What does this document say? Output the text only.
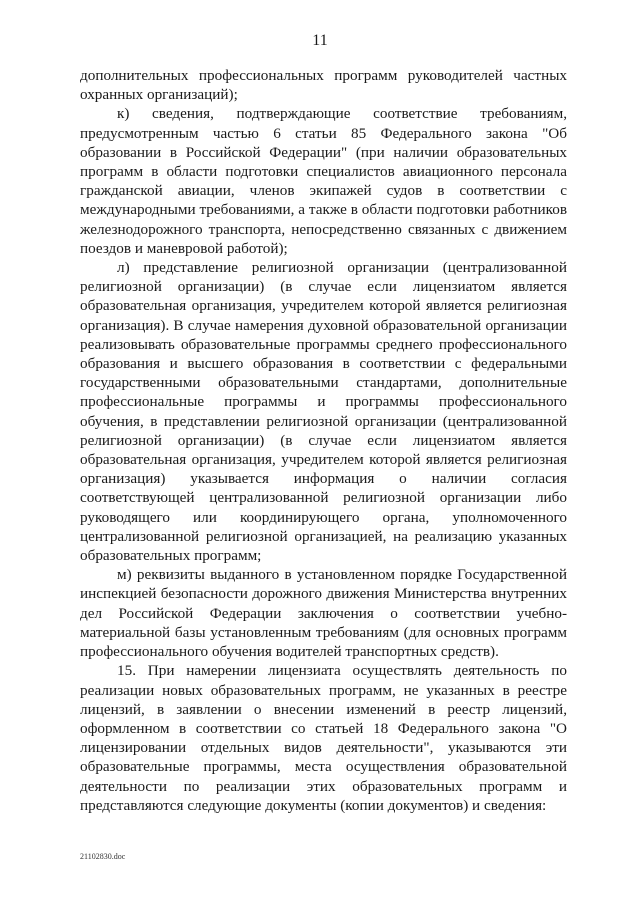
11

дополнительных профессиональных программ руководителей частных охранных организаций);

к) сведения, подтверждающие соответствие требованиям, предусмотренным частью 6 статьи 85 Федерального закона "Об образовании в Российской Федерации" (при наличии образовательных программ в области подготовки специалистов авиационного персонала гражданской авиации, членов экипажей судов в соответствии с международными требованиями, а также в области подготовки работников железнодорожного транспорта, непосредственно связанных с движением поездов и маневровой работой);

л) представление религиозной организации (централизованной религиозной организации) (в случае если лицензиатом является образовательная организация, учредителем которой является религиозная организация). В случае намерения духовной образовательной организации реализовывать образовательные программы среднего профессионального образования и высшего образования в соответствии с федеральными государственными образовательными стандартами, дополнительные профессиональные программы и программы профессионального обучения, в представлении религиозной организации (централизованной религиозной организации) (в случае если лицензиатом является образовательная организация, учредителем которой является религиозная организация) указывается информация о наличии согласия соответствующей централизованной религиозной организации либо руководящего или координирующего органа, уполномоченного централизованной религиозной организацией, на реализацию указанных образовательных программ;

м) реквизиты выданного в установленном порядке Государственной инспекцией безопасности дорожного движения Министерства внутренних дел Российской Федерации заключения о соответствии учебно-материальной базы установленным требованиям (для основных программ профессионального обучения водителей транспортных средств).

15. При намерении лицензиата осуществлять деятельность по реализации новых образовательных программ, не указанных в реестре лицензий, в заявлении о внесении изменений в реестр лицензий, оформленном в соответствии со статьей 18 Федерального закона "О лицензировании отдельных видов деятельности", указываются эти образовательные программы, места осуществления образовательной деятельности по реализации этих образовательных программ и представляются следующие документы (копии документов) и сведения:

21102830.doc
